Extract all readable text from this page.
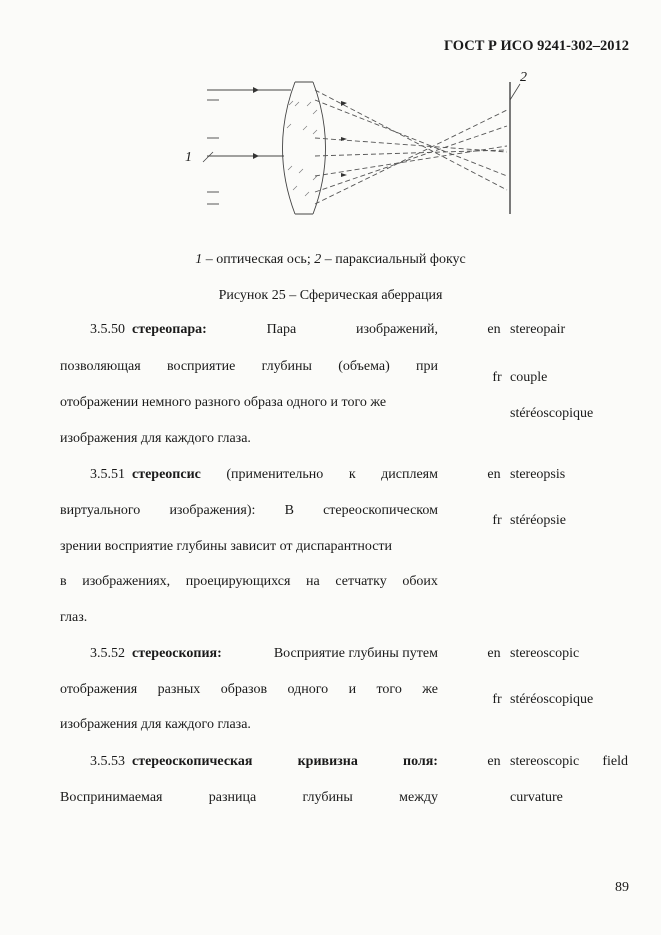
ГОСТ Р ИСО 9241-302–2012
1
2
1 – оптическая ось; 2 – параксиальный фокус
Рисунок 25 – Сферическая аберрация
3.5.50 стереопара:	Пара	изображений,
позволяющая восприятие глубины (объема) при
отображении немного разного образа одного и того же
изображения для каждого глаза.
en stereopair
fr couple
stéréoscopique
3.5.51 стереопсис (применительно к дисплеям
виртуального изображения): В стереоскопическом
зрении восприятие глубины зависит от диспарантности
в изображениях, проецирующихся на сетчатку обоих
глаз.
en stereopsis
fr stéréopsie
3.5.52 стереоскопия:	Восприятие глубины путем
отображения разных образов одного и того же
изображения для каждого глаза.
en stereoscopic
fr stéréoscopique
3.5.53 стереоскопическая	кривизна	поля:
Воспринимаемая	разница	глубины	между
en stereoscopic field
curvature
89
